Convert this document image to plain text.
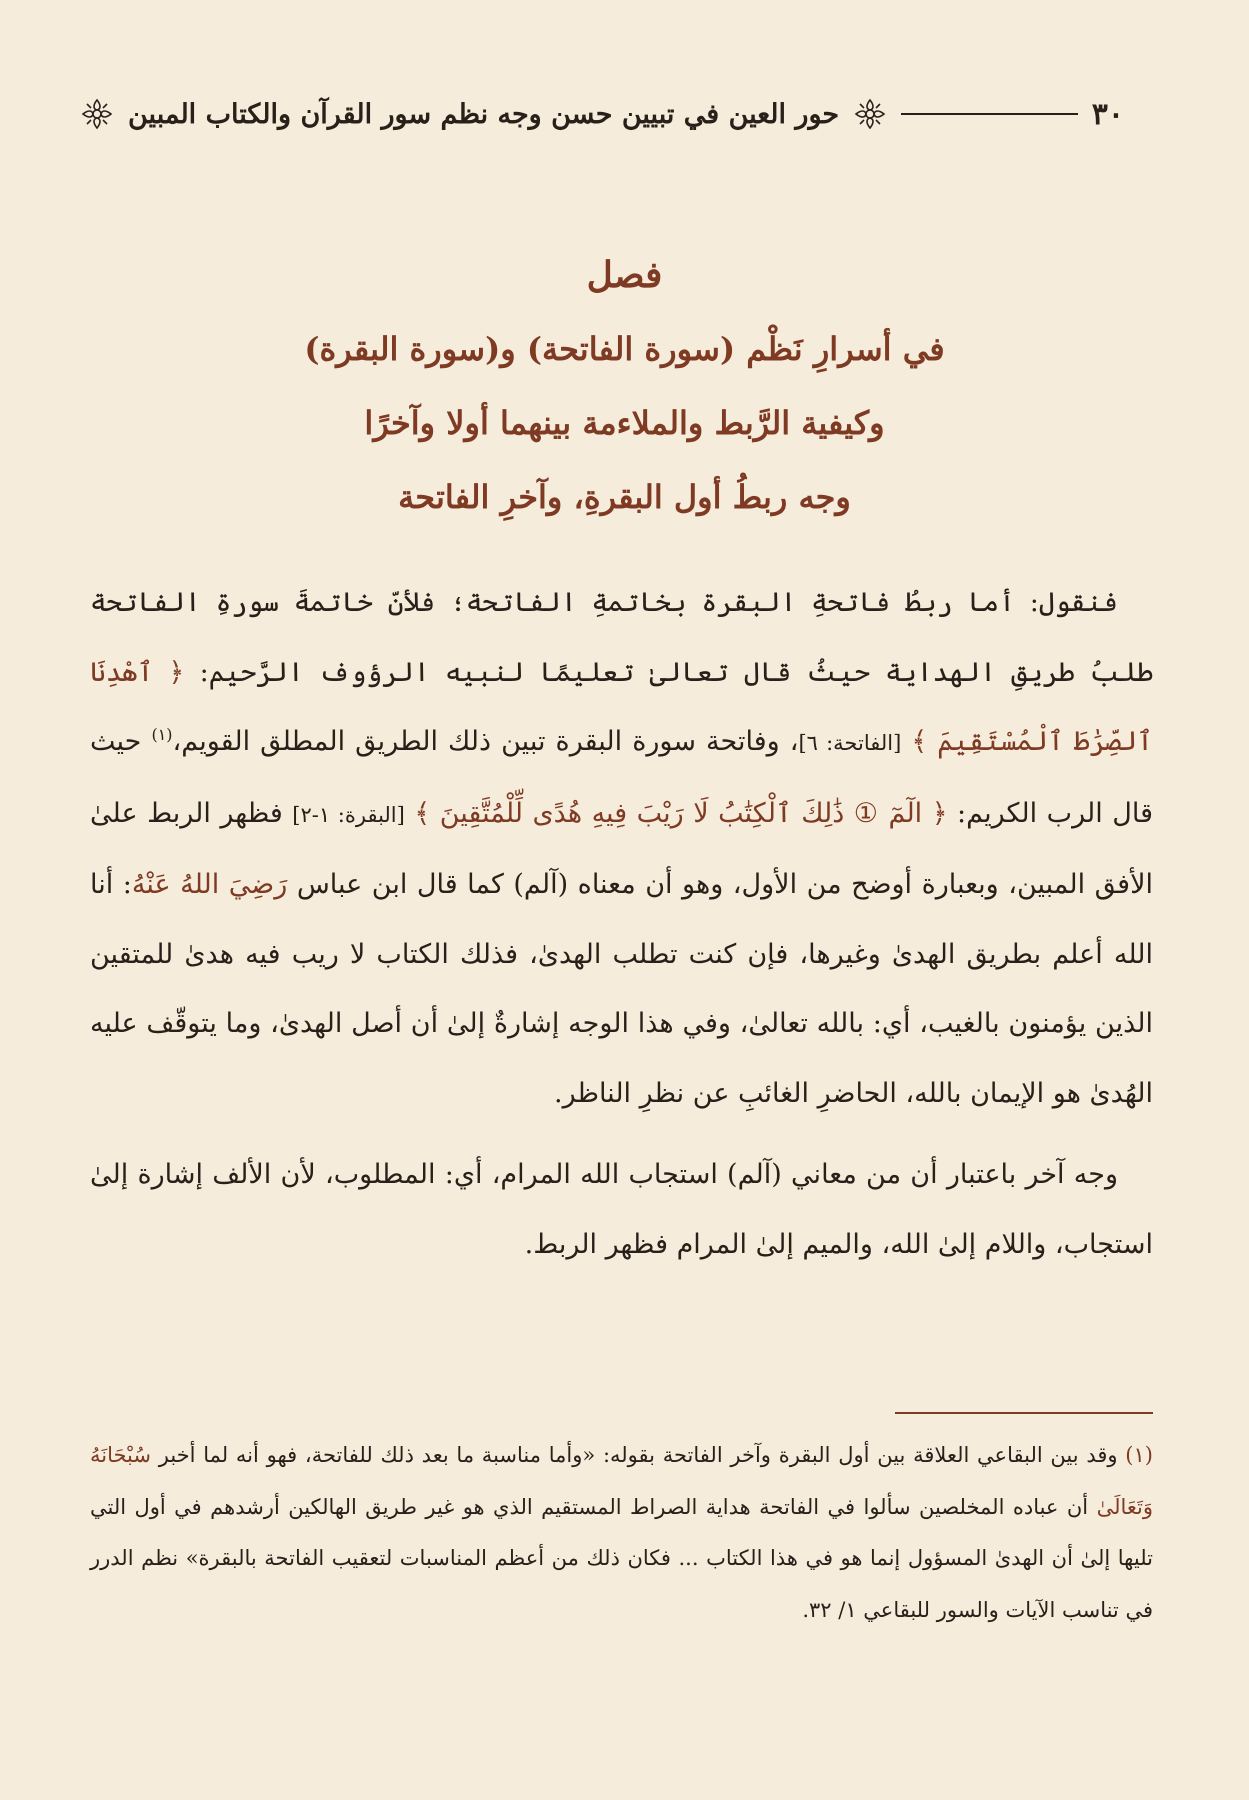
٣٠
حور العين في تبيين حسن وجه نظم سور القرآن والكتاب المبين
فصل
في أسرارِ نَظْم (سورة الفاتحة) و(سورة البقرة)
وكيفية الرَّبط والملاءمة بينهما أولا وآخرًا
وجه ربطُ أول البقرةِ، وآخرِ الفاتحة

فنقول: أما ربطُ فاتحةِ البقرة بخاتمةِ الفاتحة؛ فلأنّ خاتمةَ سورةِ الفاتحة طلبُ طريقِ الهداية حيثُ قال تعالىٰ تعليمًا لنبيه الرؤوف الرَّحيم: ﴿ ٱهْدِنَا ٱلصِّرَٰطَ ٱلْمُسْتَقِيمَ ﴾ [الفاتحة: ٦]، وفاتحة سورة البقرة تبين ذلك الطريق المطلق القويم،$^{(١)}$ حيث قال الرب الكريم: ﴿ الٓمٓ ① ذَٰلِكَ ٱلْكِتَٰبُ لَا رَيْبَ فِيهِ هُدًى لِّلْمُتَّقِينَ ﴾ [البقرة: ١-٢] فظهر الربط علىٰ الأفق المبين، وبعبارة أوضح من الأول، وهو أن معناه (آلم) كما قال ابن عباس رَضِيَ اللهُ عَنْهُ: أنا الله أعلم بطريق الهدىٰ وغيرها، فإن كنت تطلب الهدىٰ، فذلك الكتاب لا ريب فيه هدىٰ للمتقين الذين يؤمنون بالغيب، أي: بالله تعالىٰ، وفي هذا الوجه إشارةٌ إلىٰ أن أصل الهدىٰ، وما يتوقّف عليه الهُدىٰ هو الإيمان بالله، الحاضرِ الغائبِ عن نظرِ الناظر.

وجه آخر باعتبار أن من معاني (آلم) استجاب الله المرام، أي: المطلوب، لأن الألف إشارة إلىٰ استجاب، واللام إلىٰ الله، والميم إلىٰ المرام فظهر الربط.

(١) وقد بين البقاعي العلاقة بين أول البقرة وآخر الفاتحة بقوله: «وأما مناسبة ما بعد ذلك للفاتحة، فهو أنه لما أخبر سُبْحَانَهُ وَتَعَالَىٰ أن عباده المخلصين سألوا في الفاتحة هداية الصراط المستقيم الذي هو غير طريق الهالكين أرشدهم في أول التي تليها إلىٰ أن الهدىٰ المسؤول إنما هو في هذا الكتاب ... فكان ذلك من أعظم المناسبات لتعقيب الفاتحة بالبقرة» نظم الدرر في تناسب الآيات والسور للبقاعي ١/ ٣٢.
